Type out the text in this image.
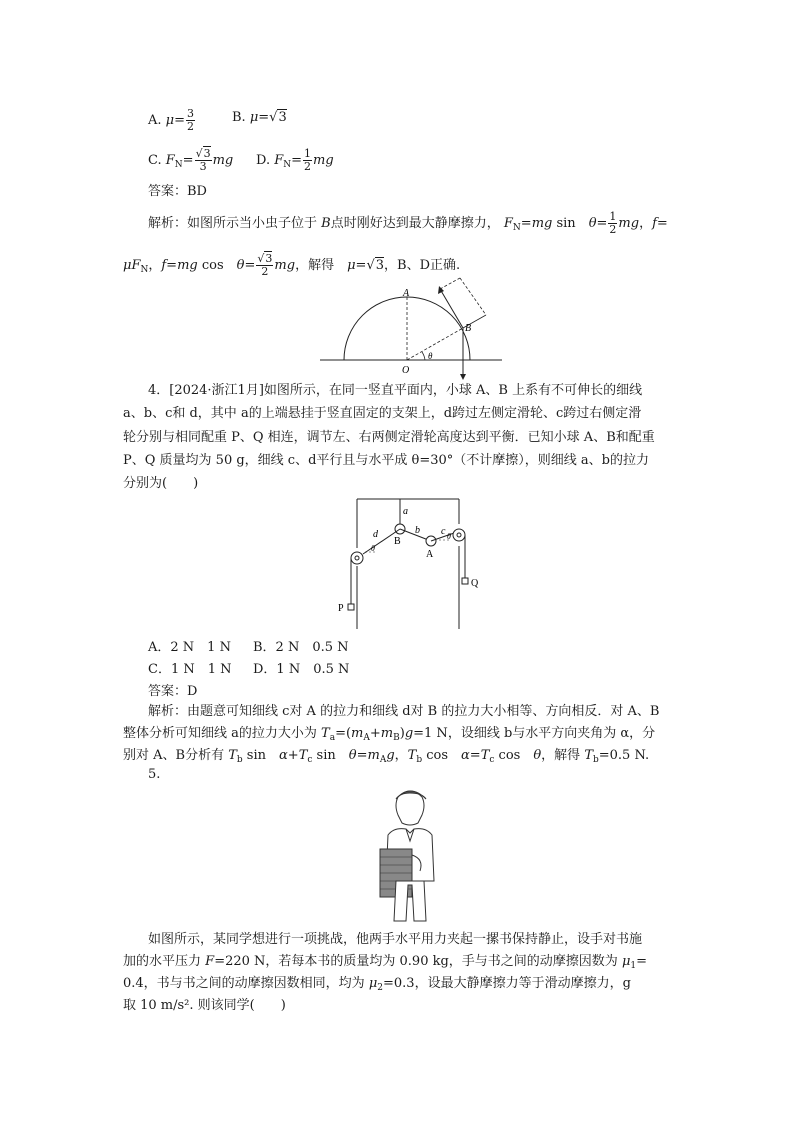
A. $\mu= \frac{3}{2}$	B. μ=√3
C. $F_N= \frac{√3}{3}$ mg D. $F_N= \frac{1}{2}$ mg
答案：BD
解析：如图所示当小虫子位于 B点时刚好达到最大静摩擦力， $F_N=mg$ sin　$\theta= \frac{1}{2}$ mg，f=
$\mu F_N$，f=mg cos　$\theta= \frac{√3}{2}$ mg，解得　 μ=√3，B、D正确.
A
B
O
θ
4．[2024·浙江1月]如图所示，在同一竖直平面内，小球 A、B 上系有不可伸长的细线
a、b、c和 d，其中 a的上端悬挂于竖直固定的支架上，d跨过左侧定滑轮、c跨过右侧定滑
轮分别与相同配重 P、Q 相连，调节左、右两侧定滑轮高度达到平衡．已知小球 A、B和配重
P、Q 质量均为 50 g，细线 c、d平行且与水平成 θ=30°（不计摩擦），则细线 a、b的拉力
分别为(　　)
a
b c
d
B
A
P
Q
θ
θ
A．2 N　1 N B．2 N　0.5 N
C．1 N　1 N D．1 N　0.5 N
答案：D
解析：由题意可知细线 c对 A 的拉力和细线 d对 B 的拉力大小相等、方向相反．对 A、B
整体分析可知细线 a的拉力大小为 $T_a=(m_A+m_B)g=1$ N，设细线 b与水平方向夹角为 α，分
别对 A、B分析有 $T_b$ sin　$\alpha+T_c$ sin　$\theta=m_Ag$，$T_b$ cos　$\alpha=T_c$ cos　θ，解得 $T_b=0.5$ N.
5.
如图所示，某同学想进行一项挑战，他两手水平用力夹起一摞书保持静止，设手对书施
加的水平压力 F=220 N，若每本书的质量均为 0.90 kg，手与书之间的动摩擦因数为 $\mu_1=$
0.4，书与书之间的动摩擦因数相同，均为 $\mu_2=0.3$，设最大静摩擦力等于滑动摩擦力，g
取 10 m/s². 则该同学(　　)
